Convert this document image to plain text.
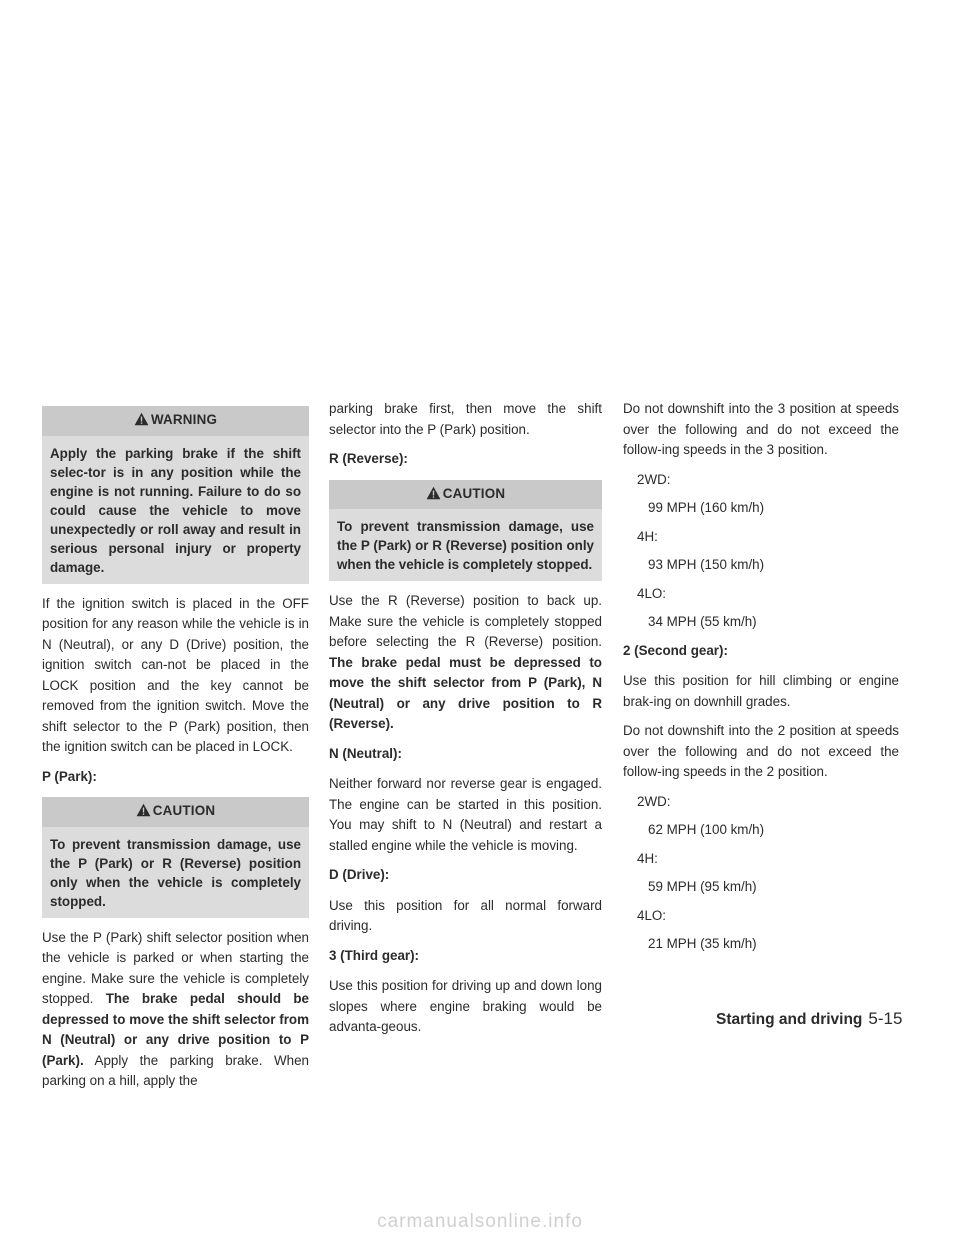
WARNING
Apply the parking brake if the shift selec-tor is in any position while the engine is not running. Failure to do so could cause the vehicle to move unexpectedly or roll away and result in serious personal injury or property damage.

If the ignition switch is placed in the OFF position for any reason while the vehicle is in N (Neutral), or any D (Drive) position, the ignition switch can-not be placed in the LOCK position and the key cannot be removed from the ignition switch. Move the shift selector to the P (Park) position, then the ignition switch can be placed in LOCK.

P (Park):

CAUTION
To prevent transmission damage, use the P (Park) or R (Reverse) position only when the vehicle is completely stopped.

Use the P (Park) shift selector position when the vehicle is parked or when starting the engine. Make sure the vehicle is completely stopped. The brake pedal should be depressed to move the shift selector from N (Neutral) or any drive position to P (Park). Apply the parking brake. When parking on a hill, apply the

parking brake first, then move the shift selector into the P (Park) position.

R (Reverse):

CAUTION
To prevent transmission damage, use the P (Park) or R (Reverse) position only when the vehicle is completely stopped.

Use the R (Reverse) position to back up. Make sure the vehicle is completely stopped before selecting the R (Reverse) position. The brake pedal must be depressed to move the shift selector from P (Park), N (Neutral) or any drive position to R (Reverse).

N (Neutral):

Neither forward nor reverse gear is engaged. The engine can be started in this position. You may shift to N (Neutral) and restart a stalled engine while the vehicle is moving.

D (Drive):

Use this position for all normal forward driving.

3 (Third gear):

Use this position for driving up and down long slopes where engine braking would be advanta-geous.

Do not downshift into the 3 position at speeds over the following and do not exceed the follow-ing speeds in the 3 position.

2WD:

99 MPH (160 km/h)

4H:

93 MPH (150 km/h)

4LO:

34 MPH (55 km/h)

2 (Second gear):

Use this position for hill climbing or engine brak-ing on downhill grades.

Do not downshift into the 2 position at speeds over the following and do not exceed the follow-ing speeds in the 2 position.

2WD:

62 MPH (100 km/h)

4H:

59 MPH (95 km/h)

4LO:

21 MPH (35 km/h)

Starting and driving 5-15
carmanualsonline.info
